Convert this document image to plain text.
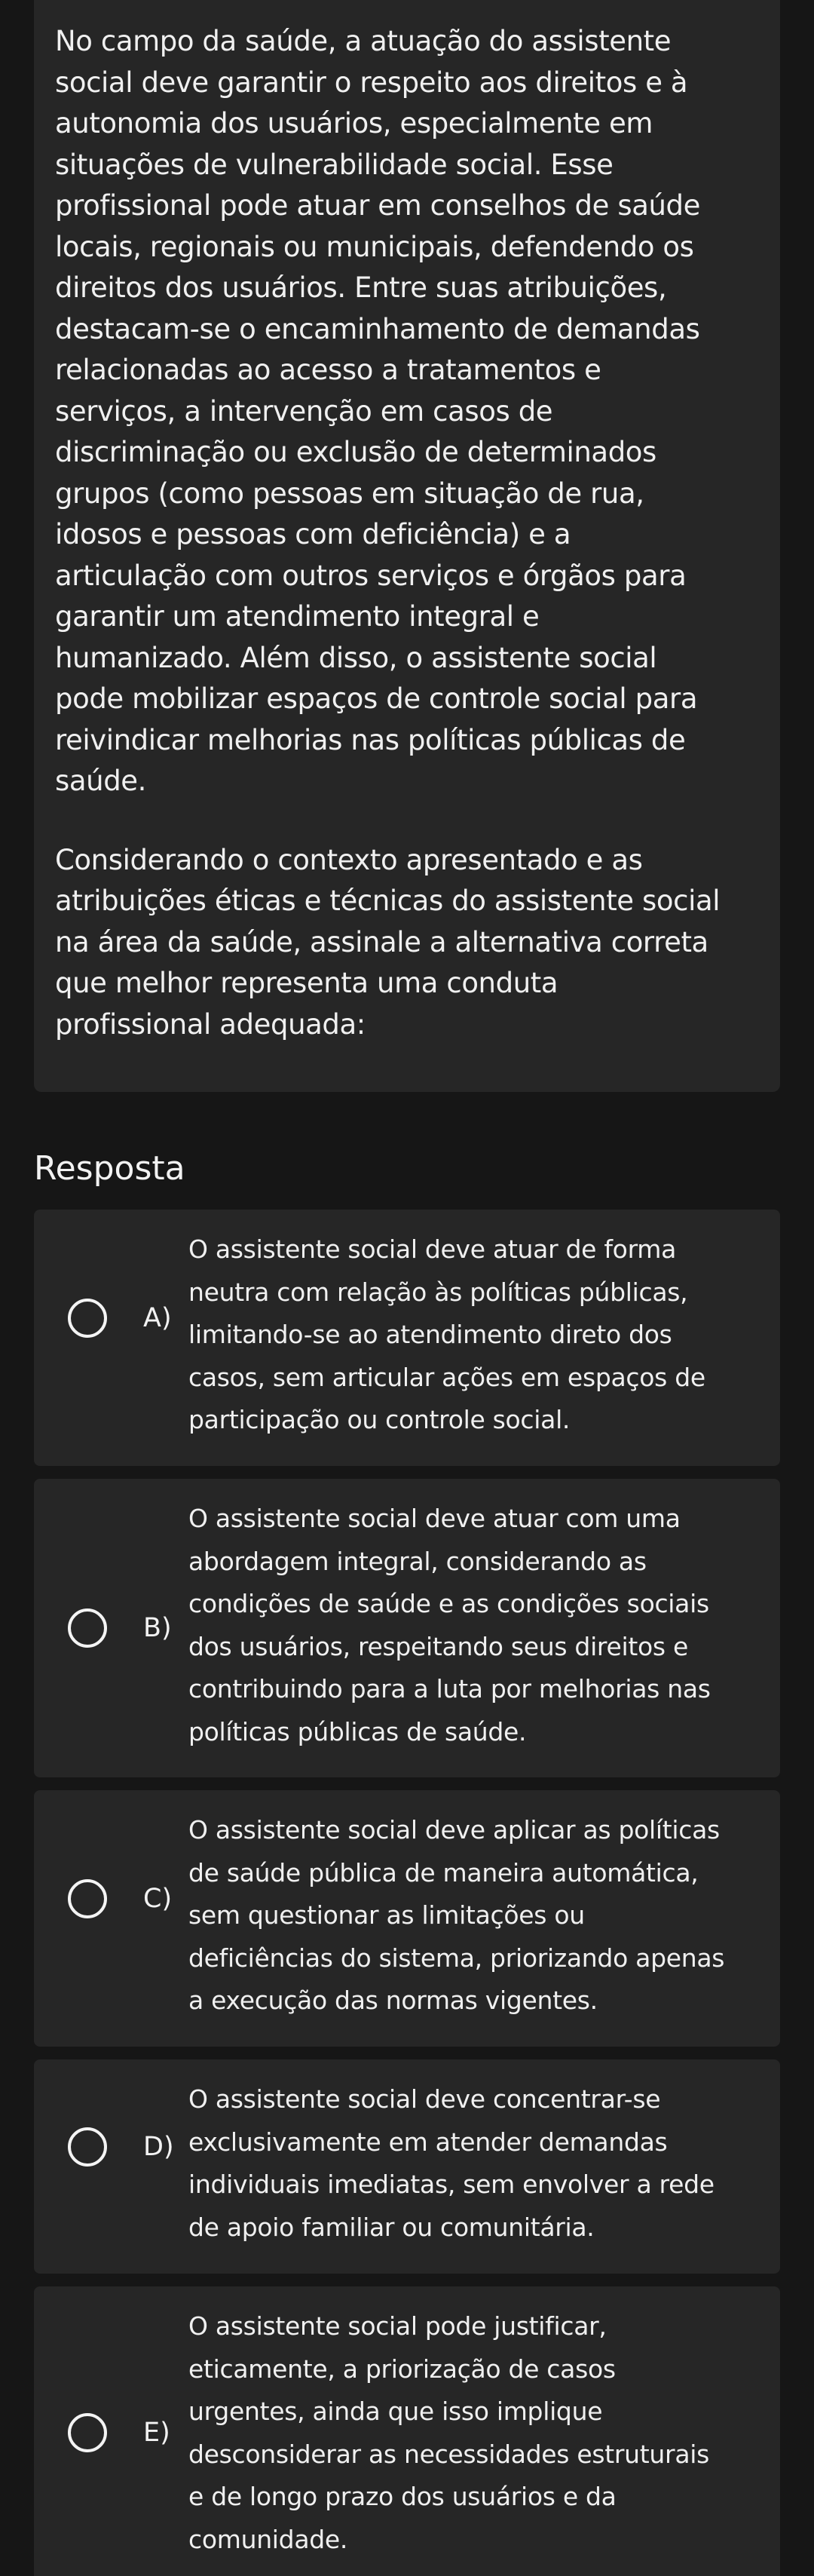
No campo da saúde, a atuação do assistente
social deve garantir o respeito aos direitos e à
autonomia dos usuários, especialmente em
situações de vulnerabilidade social. Esse
profissional pode atuar em conselhos de saúde
locais, regionais ou municipais, defendendo os
direitos dos usuários. Entre suas atribuições,
destacam-se o encaminhamento de demandas
relacionadas ao acesso a tratamentos e
serviços, a intervenção em casos de
discriminação ou exclusão de determinados
grupos (como pessoas em situação de rua,
idosos e pessoas com deficiência) e a
articulação com outros serviços e órgãos para
garantir um atendimento integral e
humanizado. Além disso, o assistente social
pode mobilizar espaços de controle social para
reivindicar melhorias nas políticas públicas de
saúde.

Considerando o contexto apresentado e as
atribuições éticas e técnicas do assistente social
na área da saúde, assinale a alternativa correta
que melhor representa uma conduta
profissional adequada:

Resposta
A)
O assistente social deve atuar de forma
neutra com relação às políticas públicas,
limitando-se ao atendimento direto dos
casos, sem articular ações em espaços de
participação ou controle social.
B)
O assistente social deve atuar com uma
abordagem integral, considerando as
condições de saúde e as condições sociais
dos usuários, respeitando seus direitos e
contribuindo para a luta por melhorias nas
políticas públicas de saúde.
C)
O assistente social deve aplicar as políticas
de saúde pública de maneira automática,
sem questionar as limitações ou
deficiências do sistema, priorizando apenas
a execução das normas vigentes.
D)
O assistente social deve concentrar-se
exclusivamente em atender demandas
individuais imediatas, sem envolver a rede
de apoio familiar ou comunitária.
E)
O assistente social pode justificar,
eticamente, a priorização de casos
urgentes, ainda que isso implique
desconsiderar as necessidades estruturais
e de longo prazo dos usuários e da
comunidade.
